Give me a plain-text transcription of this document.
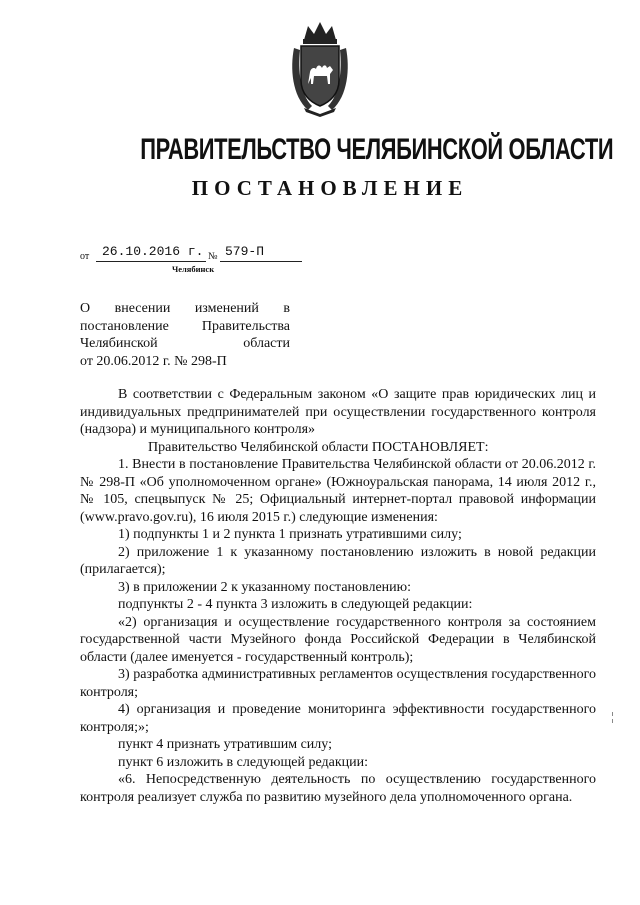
ПРАВИТЕЛЬСТВО ЧЕЛЯБИНСКОЙ ОБЛАСТИ
ПОСТАНОВЛЕНИЕ
от 26.10.2016 г. № 579-П
Челябинск
О внесении изменений в
постановление Правительства
Челябинской области
от 20.06.2012 г. № 298-П

В соответствии с Федеральным законом «О защите прав юридических лиц и индивидуальных предпринимателей при осуществлении государственного контроля (надзора) и муниципального контроля»

Правительство Челябинской области ПОСТАНОВЛЯЕТ:

1. Внести в постановление Правительства Челябинской области от 20.06.2012 г. № 298-П «Об уполномоченном органе» (Южноуральская панорама, 14 июля 2012 г., № 105, спецвыпуск № 25; Официальный интернет-портал правовой информации (www.pravo.gov.ru), 16 июля 2015 г.) следующие изменения:

1) подпункты 1 и 2 пункта 1 признать утратившими силу;

2) приложение 1 к указанному постановлению изложить в новой редакции (прилагается);

3) в приложении 2 к указанному постановлению:

подпункты 2 - 4 пункта 3 изложить в следующей редакции:

«2) организация и осуществление государственного контроля за состоянием государственной части Музейного фонда Российской Федерации в Челябинской области (далее именуется - государственный контроль);

3) разработка административных регламентов осуществления государственного контроля;

4) организация и проведение мониторинга эффективности государственного контроля;»;

пункт 4 признать утратившим силу;

пункт 6 изложить в следующей редакции:

«6. Непосредственную деятельность по осуществлению государственного контроля реализует служба по развитию музейного дела уполномоченного органа.
